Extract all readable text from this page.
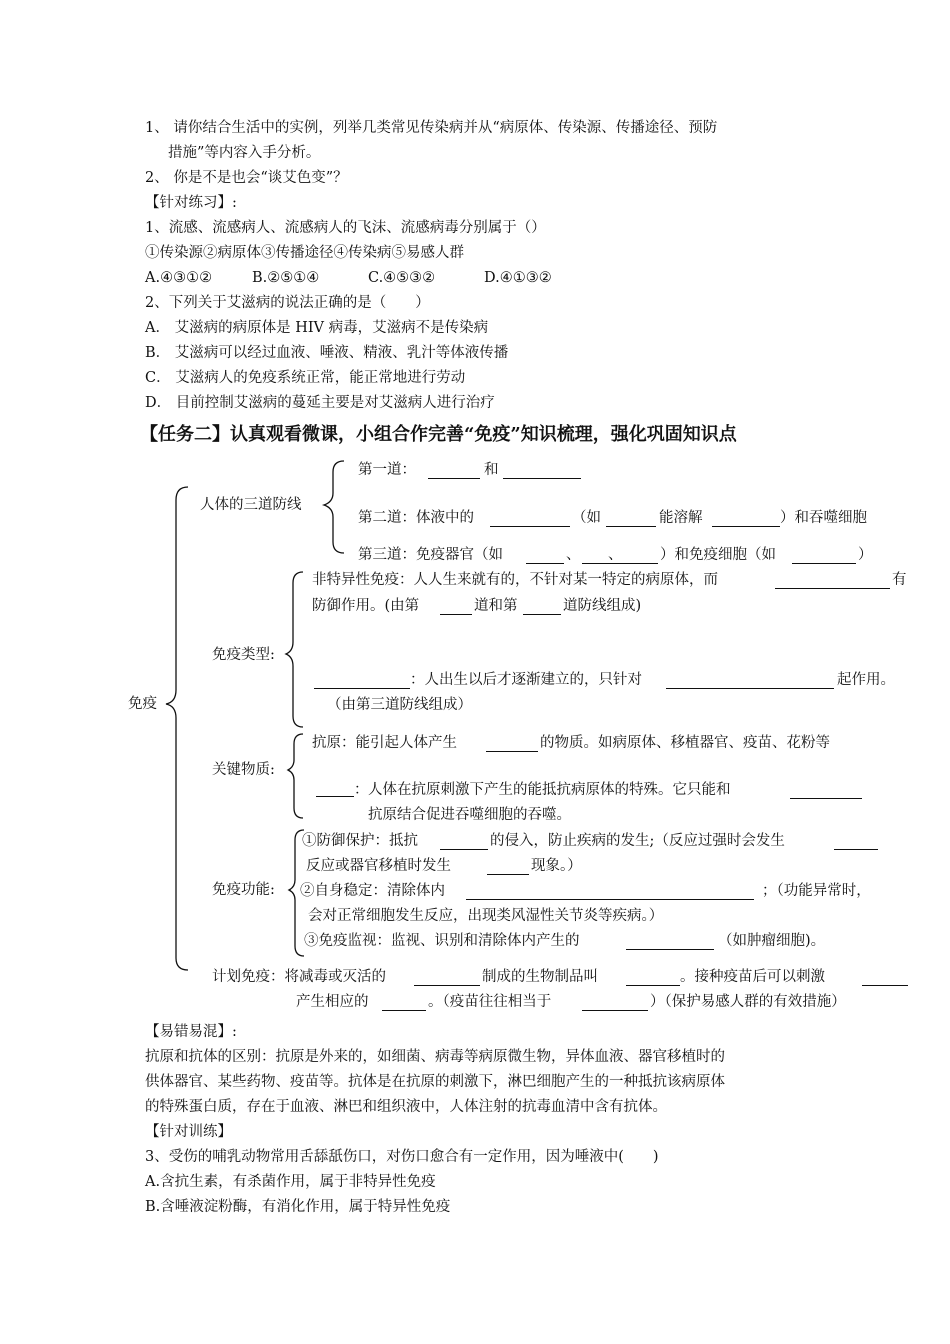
1、 请你结合生活中的实例，列举几类常见传染病并从“病原体、传染源、传播途径、预防
措施”等内容入手分析。
2、 你是不是也会“谈艾色变”？
【针对练习】:
1、流感、流感病人、流感病人的飞沫、流感病毒分别属于（）
①传染源②病原体③传播途径④传染病⑤易感人群
A.④③①②	B.②⑤①④	C.④⑤③②	D.④①③②
2、下列关于艾滋病的说法正确的是（　　）
A． 艾滋病的病原体是 HIV 病毒，艾滋病不是传染病
B． 艾滋病可以经过血液、唾液、精液、乳汁等体液传播
C． 艾滋病人的免疫系统正常，能正常地进行劳动
D． 目前控制艾滋病的蔓延主要是对艾滋病人进行治疗
【任务二】认真观看微课，小组合作完善“免疫”知识梳理，强化巩固知识点
免疫
人体的三道防线
第一道：	和
第二道：体液中的	（如	能溶解	）和吞噬细胞
第三道：免疫器官（如	、 、	）和免疫细胞（如	）
免疫类型:
非特异性免疫：人人生来就有的，不针对某一特定的病原体，而	有
防御作用。(由第	道和第	道防线组成)
：人出生以后才逐渐建立的，只针对	起作用。
（由第三道防线组成）
关键物质:
抗原：能引起人体产生	的物质。如病原体、移植器官、疫苗、花粉等
： 人体在抗原刺激下产生的能抵抗病原体的特殊。它只能和
抗原结合促进吞噬细胞的吞噬。
免疫功能:
①防御保护：抵抗	的侵入，防止疾病的发生;（反应过强时会发生
反应或器官移植时发生	现象。）
②自身稳定：清除体内	；（功能异常时，
会对正常细胞发生反应，出现类风湿性关节炎等疾病。）
③免疫监视：监视、识别和清除体内产生的	（如肿瘤细胞)。
计划免疫：将减毒或灭活的	制成的生物制品叫	。接种疫苗后可以刺激
产生相应的	。（疫苗往往相当于	）（保护易感人群的有效措施）
【易错易混】:
抗原和抗体的区别：抗原是外来的，如细菌、病毒等病原微生物，异体血液、器官移植时的
供体器官、某些药物、疫苗等。抗体是在抗原的刺激下，淋巴细胞产生的一种抵抗该病原体
的特殊蛋白质，存在于血液、淋巴和组织液中，人体注射的抗毒血清中含有抗体。
【针对训练】
3、受伤的哺乳动物常用舌舔舐伤口，对伤口愈合有一定作用，因为唾液中(　　)
A.含抗生素，有杀菌作用，属于非特异性免疫
B.含唾液淀粉酶，有消化作用，属于特异性免疫
